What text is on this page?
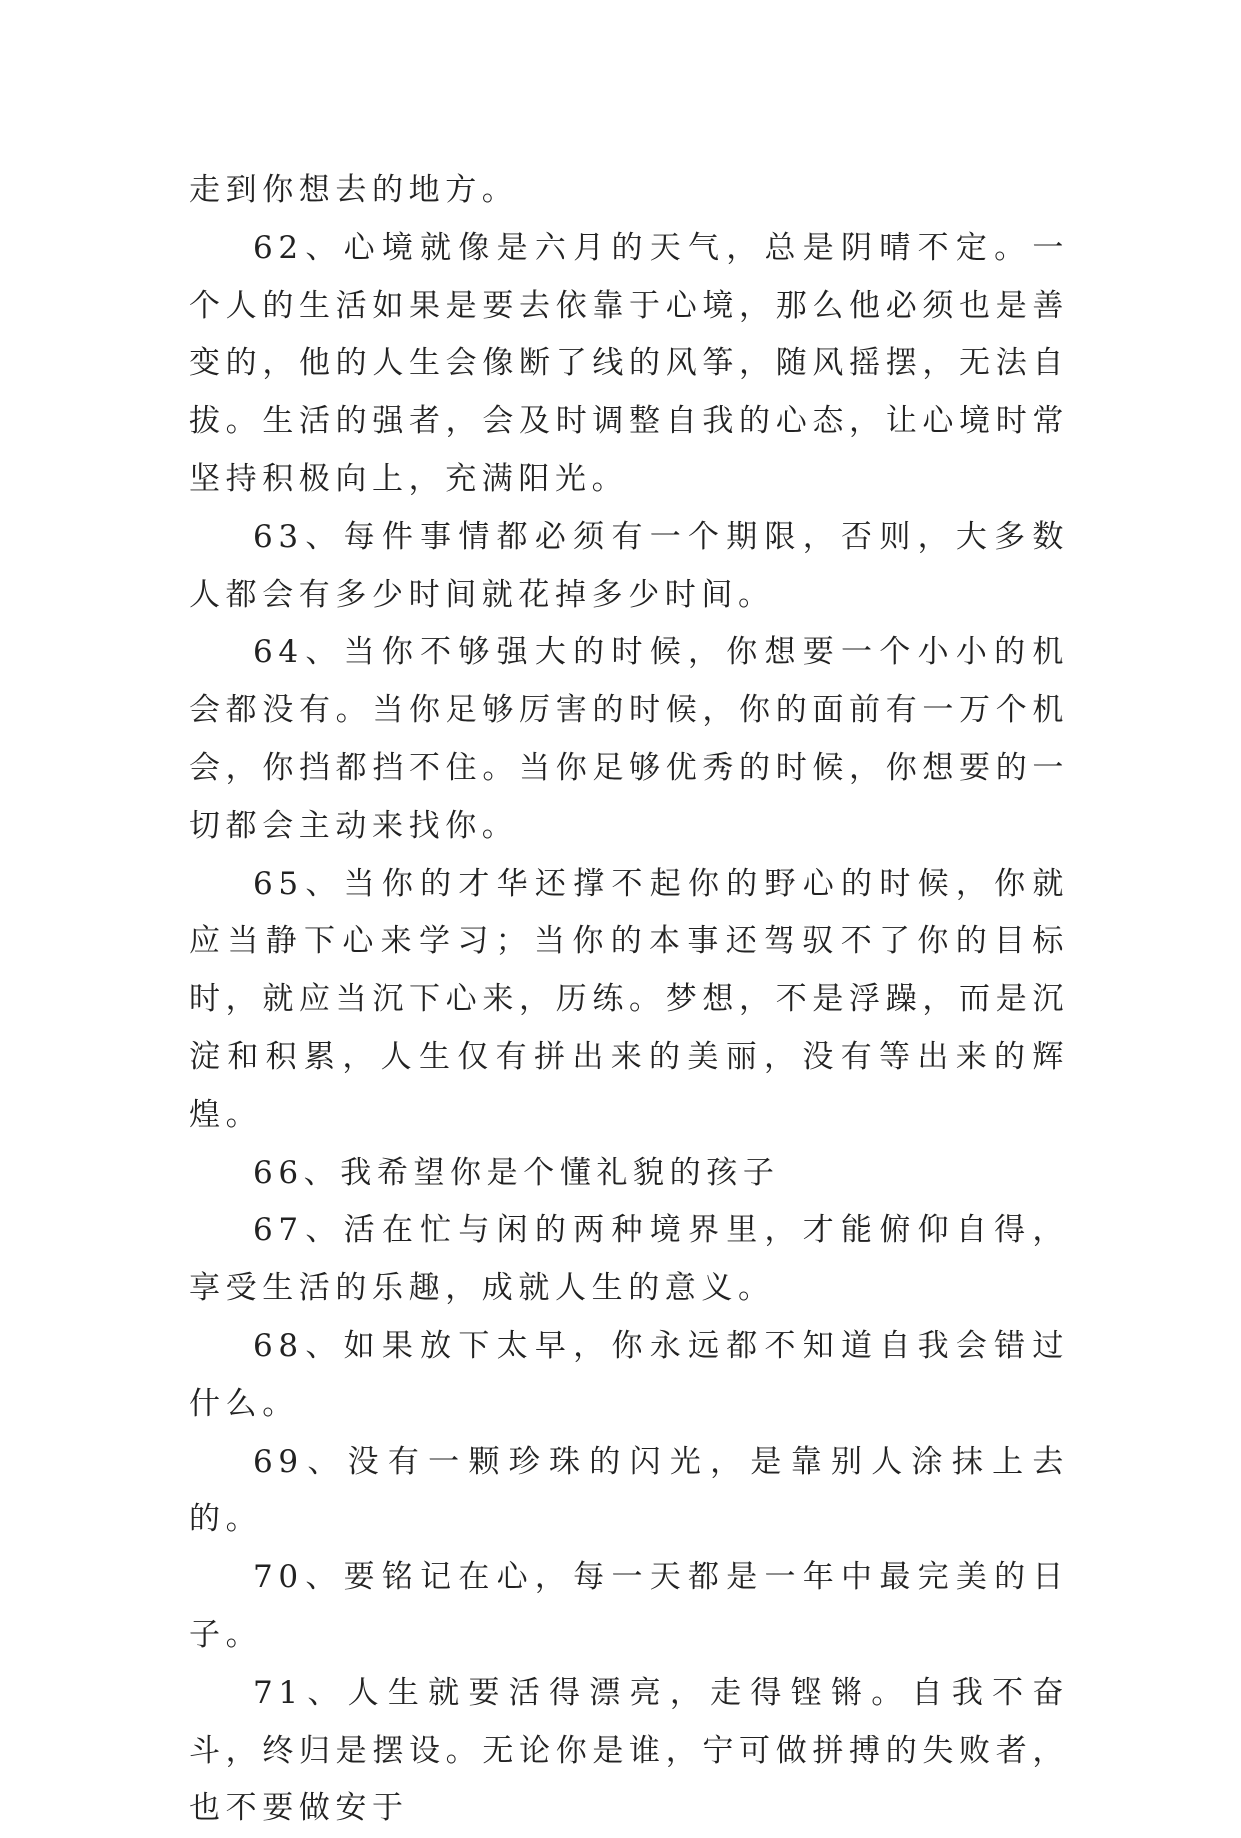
走到你想去的地方。

62、心境就像是六月的天气，总是阴晴不定。一个人的生活如果是要去依靠于心境，那么他必须也是善变的，他的人生会像断了线的风筝，随风摇摆，无法自拔。生活的强者，会及时调整自我的心态，让心境时常坚持积极向上，充满阳光。

63、每件事情都必须有一个期限，否则，大多数人都会有多少时间就花掉多少时间。

64、当你不够强大的时候，你想要一个小小的机会都没有。当你足够厉害的时候，你的面前有一万个机会，你挡都挡不住。当你足够优秀的时候，你想要的一切都会主动来找你。

65、当你的才华还撑不起你的野心的时候，你就应当静下心来学习；当你的本事还驾驭不了你的目标时，就应当沉下心来，历练。梦想，不是浮躁，而是沉淀和积累，人生仅有拼出来的美丽，没有等出来的辉煌。

66、我希望你是个懂礼貌的孩子

67、活在忙与闲的两种境界里，才能俯仰自得，享受生活的乐趣，成就人生的意义。

68、如果放下太早，你永远都不知道自我会错过什么。

69、没有一颗珍珠的闪光，是靠别人涂抹上去的。

70、要铭记在心，每一天都是一年中最完美的日子。

71、人生就要活得漂亮，走得铿锵。自我不奋斗，终归是摆设。无论你是谁，宁可做拼搏的失败者，也不要做安于
